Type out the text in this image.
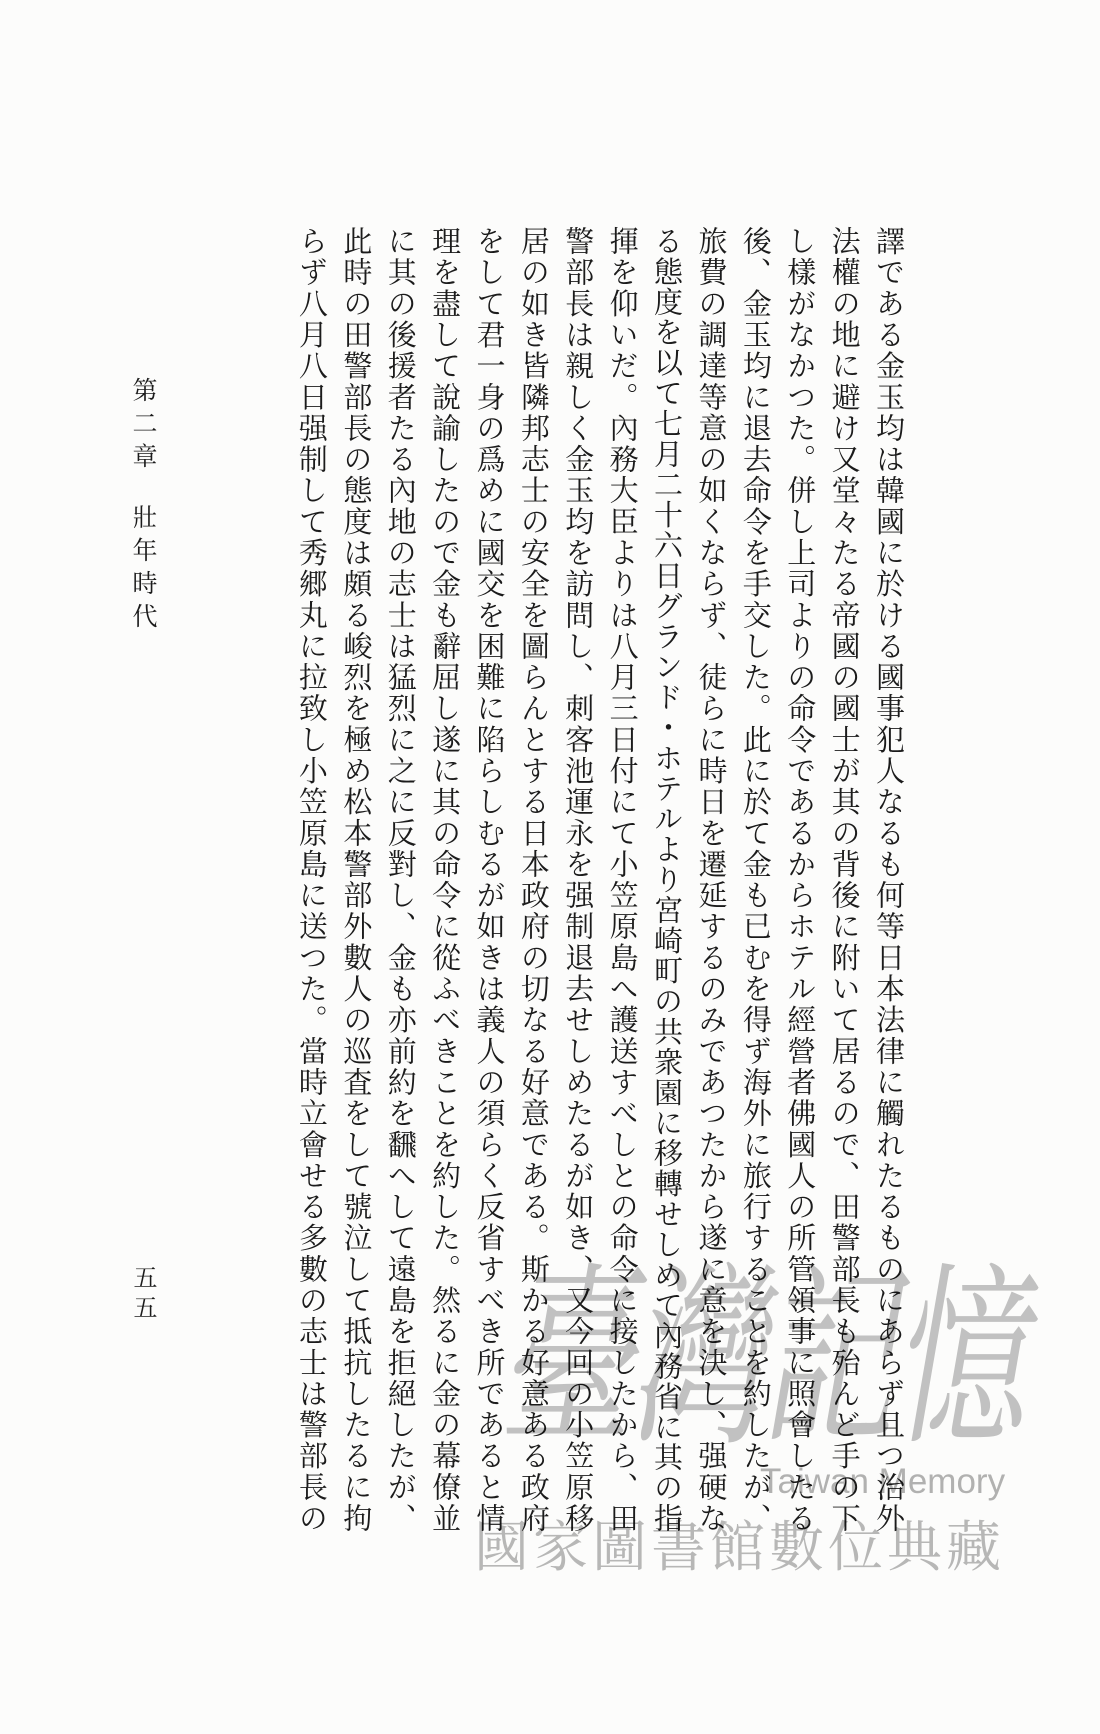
譯である金玉均は韓國に於ける國事犯人なるも何等日本法律に觸れたるものにあらず且つ治外
法權の地に避け又堂々たる帝國の國士が其の背後に附いて居るので、田警部長も殆んど手の下
し樣がなかつた。併し上司よりの命令であるからホテル經營者佛國人の所管領事に照會したる
後、金玉均に退去命令を手交した。此に於て金も已むを得ず海外に旅行することを約したが、
旅費の調達等意の如くならず、徒らに時日を遷延するのみであつたから遂に意を決し、强硬な
る態度を以て七月二十六日グランド・ホテルより宮崎町の共衆園に移轉せしめて內務省に其の指
揮を仰いだ。內務大臣よりは八月三日付にて小笠原島へ護送すべしとの命令に接したから、田
警部長は親しく金玉均を訪問し、刺客池運永を强制退去せしめたるが如き、又今回の小笠原移
居の如き皆隣邦志士の安全を圖らんとする日本政府の切なる好意である。斯かる好意ある政府
をして君一身の爲めに國交を困難に陷らしむるが如きは義人の須らく反省すべき所であると情
理を盡して說諭したので金も辭屈し遂に其の命令に從ふべきことを約した。然るに金の幕僚並
に其の後援者たる內地の志士は猛烈に之に反對し、金も亦前約を飜へして遠島を拒絕したが、
此時の田警部長の態度は頗る峻烈を極め松本警部外數人の巡査をして號泣して抵抗したるに拘
らず八月八日强制して秀郷丸に拉致し小笠原島に送つた。當時立會せる多數の志士は警部長の
第二章
壯年時代
五五	臺灣記憶
Taiwan Memory
國家圖書館數位典藏
